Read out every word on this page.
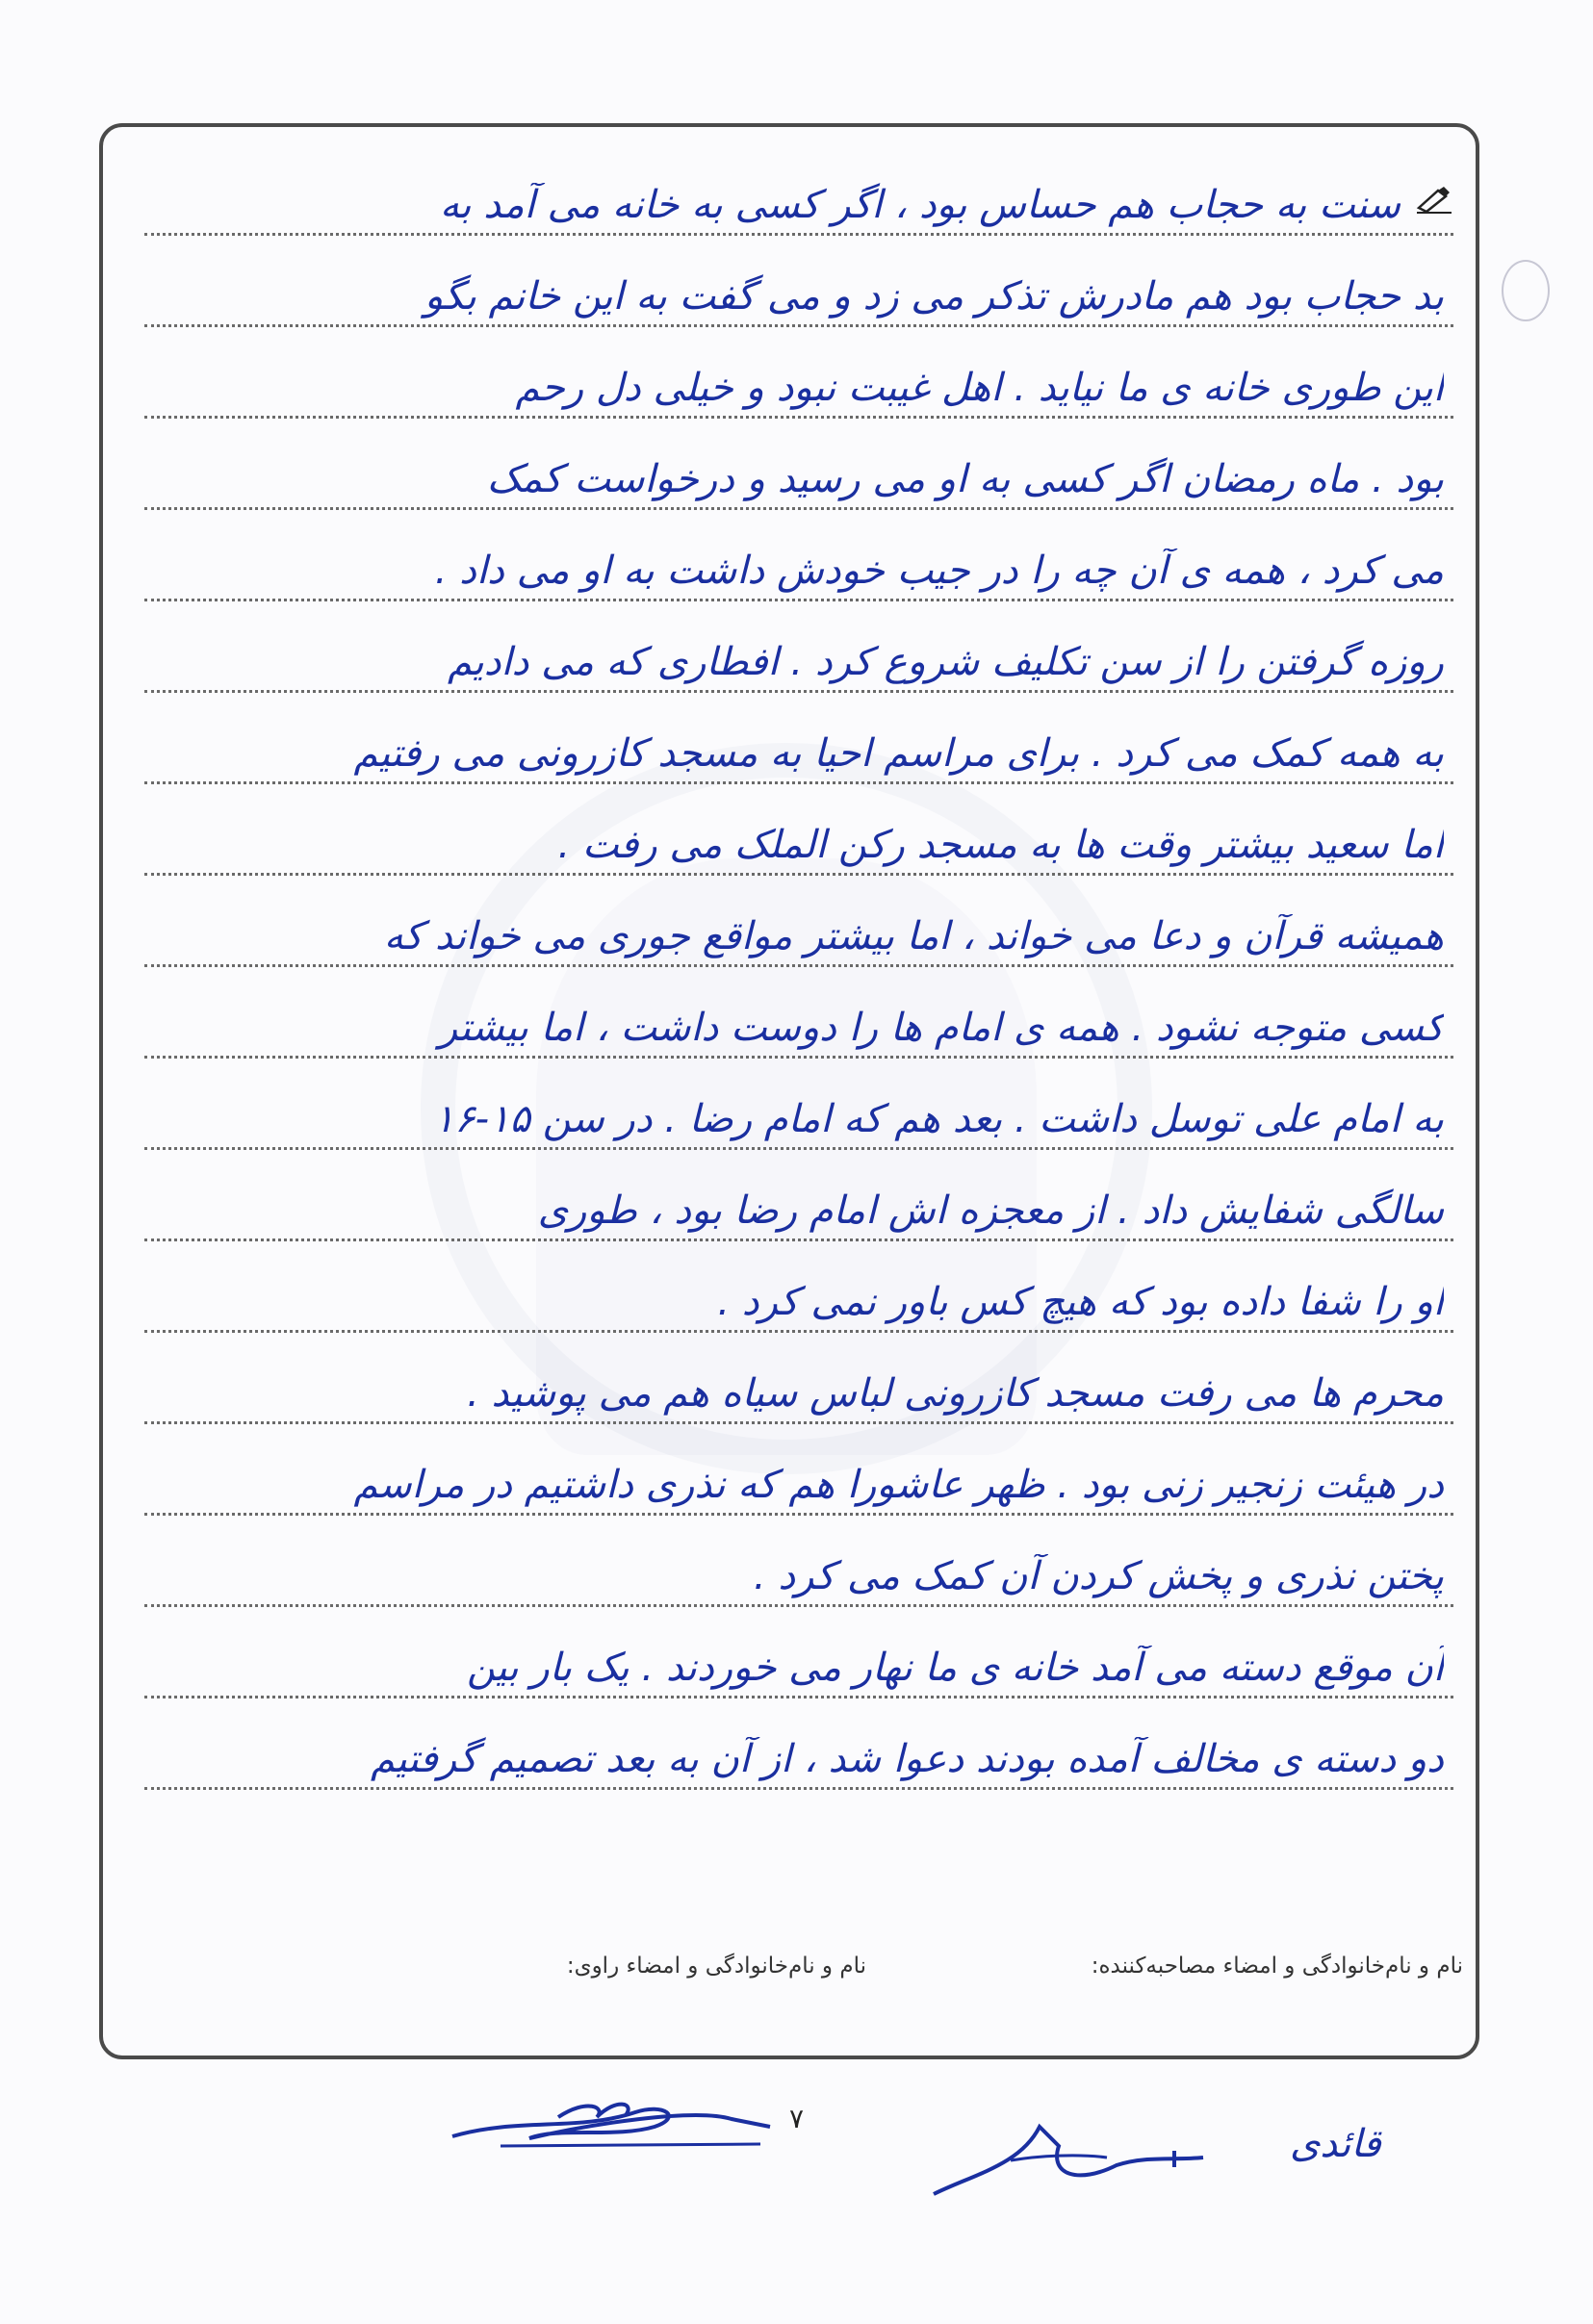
سنت به حجاب هم حساس بود ، اگر کسی به خانه می آمد به
بد حجاب بود هم مادرش تذکر می زد و می گفت به این خانم بگو
این طوری خانه ی ما نیاید . اهل غیبت نبود و خیلی دل رحم
بود . ماه رمضان اگر کسی به او می رسید و درخواست کمک
می کرد ، همه ی آن چه را در جیب خودش داشت به او می داد .
روزه گرفتن را از سن تکلیف شروع کرد . افطاری که می دادیم
به همه کمک می کرد . برای مراسم احیا به مسجد کازرونی می رفتیم
اما سعید بیشتر وقت ها به مسجد رکن الملک می رفت .
همیشه قرآن و دعا می خواند ، اما بیشتر مواقع جوری می خواند که
کسی متوجه نشود . همه ی امام ها را دوست داشت ، اما بیشتر
به امام علی توسل داشت . بعد هم که امام رضا . در سن ۱۵-۱۶
سالگی شفایش داد . از معجزه اش امام رضا بود ، طوری
او را شفا داده بود که هیچ کس باور نمی کرد .
محرم ها می رفت مسجد کازرونی لباس سیاه هم می پوشید .
در هیئت زنجیر زنی بود . ظهر عاشورا هم که نذری داشتیم در مراسم
پختن نذری و پخش کردن آن کمک می کرد .
آن موقع دسته می آمد خانه ی ما نهار می خوردند . یک بار بین
دو دسته ی مخالف آمده بودند دعوا شد ، از آن به بعد تصمیم گرفتیم
نام و نام‌خانوادگی و امضاء مصاحبه‌کننده:
نام و نام‌خانوادگی و امضاء راوی:
۷
قائدی
